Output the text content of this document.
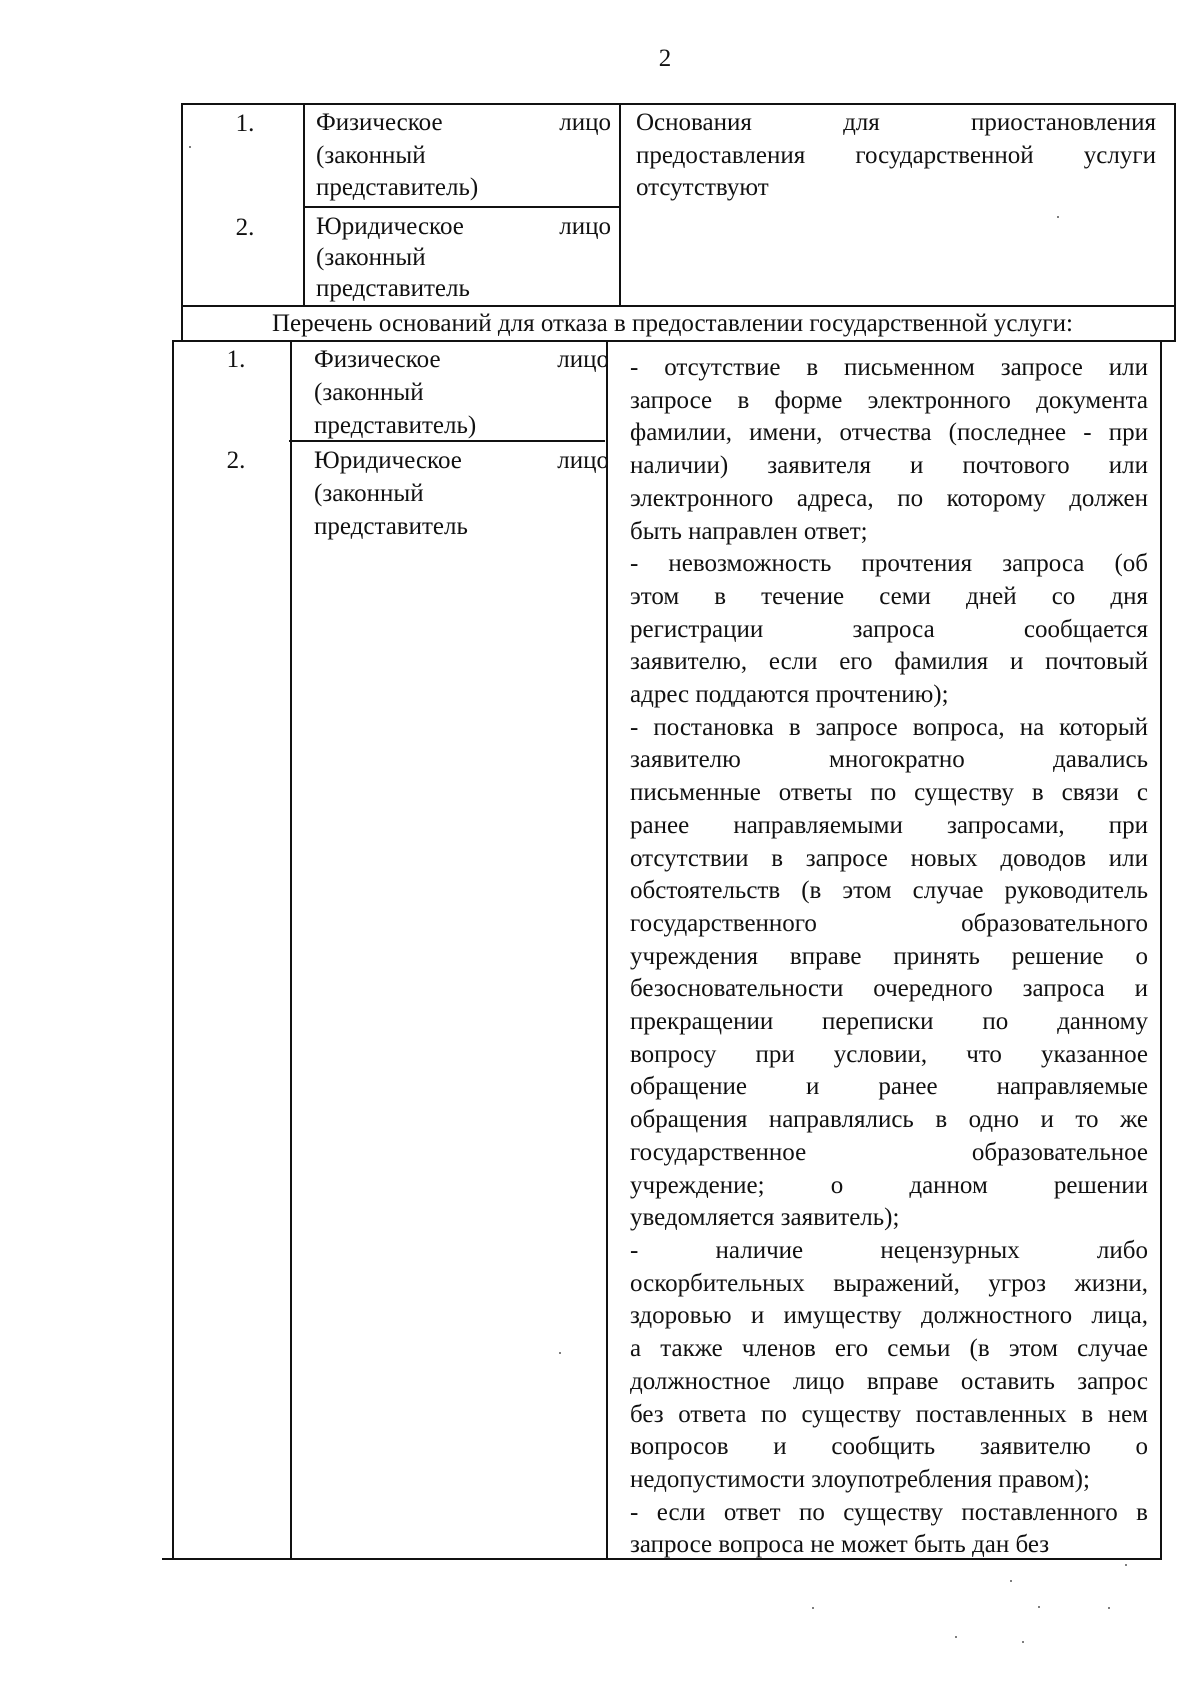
2
1.	Физическое лицо
(законный
представитель)
2.	Юридическое лицо
(законный
представитель
Основания для приостановления
предоставления государственной услуги
отсутствуют
Перечень оснований для отказа в предоставлении государственной услуги:
1.	Физическое лицо
(законный
представитель)
2.	Юридическое лицо
(законный
представитель
- отсутствие в письменном запросе или
запросе в форме электронного документа
фамилии, имени, отчества (последнее - при
наличии) заявителя и почтового или
электронного адреса, по которому должен
быть направлен ответ;
- невозможность прочтения запроса (об
этом в течение семи дней со дня
регистрации запроса сообщается
заявителю, если его фамилия и почтовый
адрес поддаются прочтению);
- постановка в запросе вопроса, на который
заявителю многократно давались
письменные ответы по существу в связи с
ранее направляемыми запросами, при
отсутствии в запросе новых доводов или
обстоятельств (в этом случае руководитель
государственного образовательного
учреждения вправе принять решение о
безосновательности очередного запроса и
прекращении переписки по данному
вопросу при условии, что указанное
обращение и ранее направляемые
обращения направлялись в одно и то же
государственное образовательное
учреждение; о данном решении
уведомляется заявитель);
- наличие нецензурных либо
оскорбительных выражений, угроз жизни,
здоровью и имуществу должностного лица,
а также членов его семьи (в этом случае
должностное лицо вправе оставить запрос
без ответа по существу поставленных в нем
вопросов и сообщить заявителю о
недопустимости злоупотребления правом);
- если ответ по существу поставленного в
запросе вопроса не может быть дан без
